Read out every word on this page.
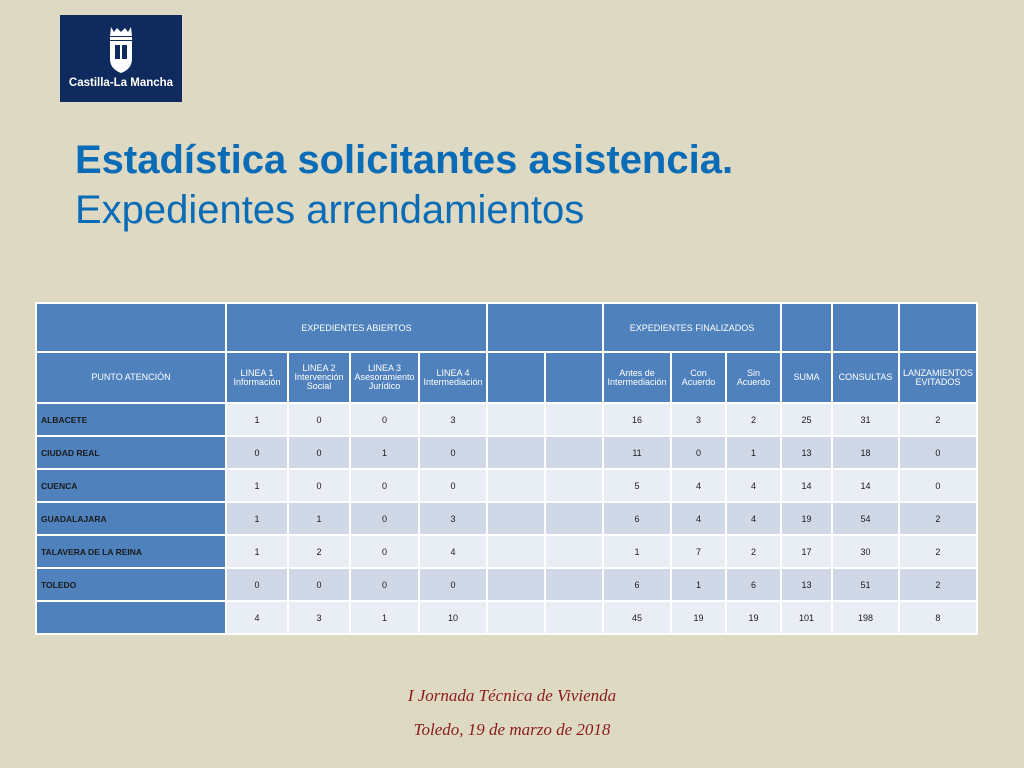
Castilla-La Mancha
Estadística solicitantes asistencia.
Expedientes arrendamientos
	EXPEDIENTES ABIERTOS						EXPEDIENTES FINALIZADOS					
PUNTO ATENCIÓN	LINEA 1 Información	LINEA 2 Intervención Social	LINEA 3 Asesoramiento Jurídico	LINEA 4 Intermediación			Antes de Intermediación	Con Acuerdo	Sin Acuerdo	SUMA	CONSULTAS	LANZAMIENTOS EVITADOS
ALBACETE	1	0	0	3			16	3	2	25	31	2
CIUDAD REAL	0	0	1	0			11	0	1	13	18	0
CUENCA	1	0	0	0			5	4	4	14	14	0
GUADALAJARA	1	1	0	3			6	4	4	19	54	2
TALAVERA DE LA REINA	1	2	0	4			1	7	2	17	30	2
TOLEDO	0	0	0	0			6	1	6	13	51	2
	4	3	1	10			45	19	19	101	198	8
I Jornada Técnica de Vivienda
Toledo, 19 de marzo de 2018
